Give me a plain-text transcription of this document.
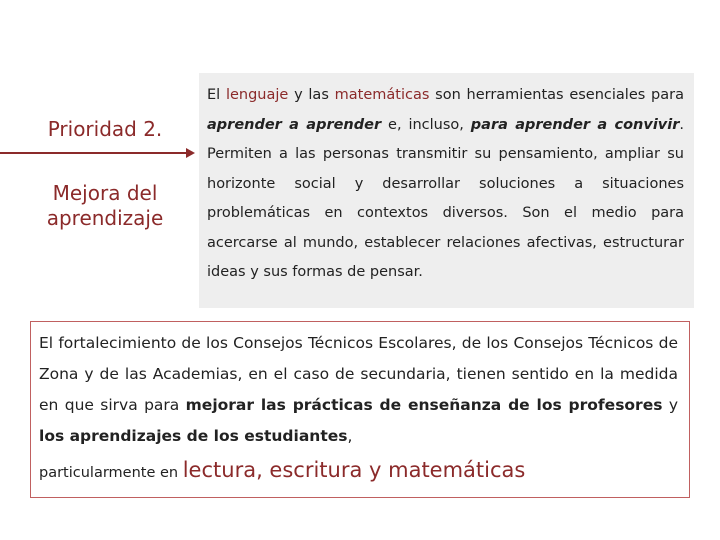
Prioridad 2.
Mejora del aprendizaje

El lenguaje y las matemáticas son herramientas esenciales para aprender a aprender e, incluso, para aprender a convivir. Permiten a las personas transmitir su pensamiento, ampliar su horizonte social y desarrollar soluciones a situaciones problemáticas en contextos diversos. Son el medio para acercarse al mundo, establecer relaciones afectivas, estructurar ideas y sus formas de pensar.

El fortalecimiento de los Consejos Técnicos Escolares, de los Consejos Técnicos de Zona y de las Academias, en el caso de secundaria, tienen sentido en la medida en que sirva para mejorar las prácticas de enseñanza de los profesores y los aprendizajes de los estudiantes,

particularmente en lectura, escritura y matemáticas
